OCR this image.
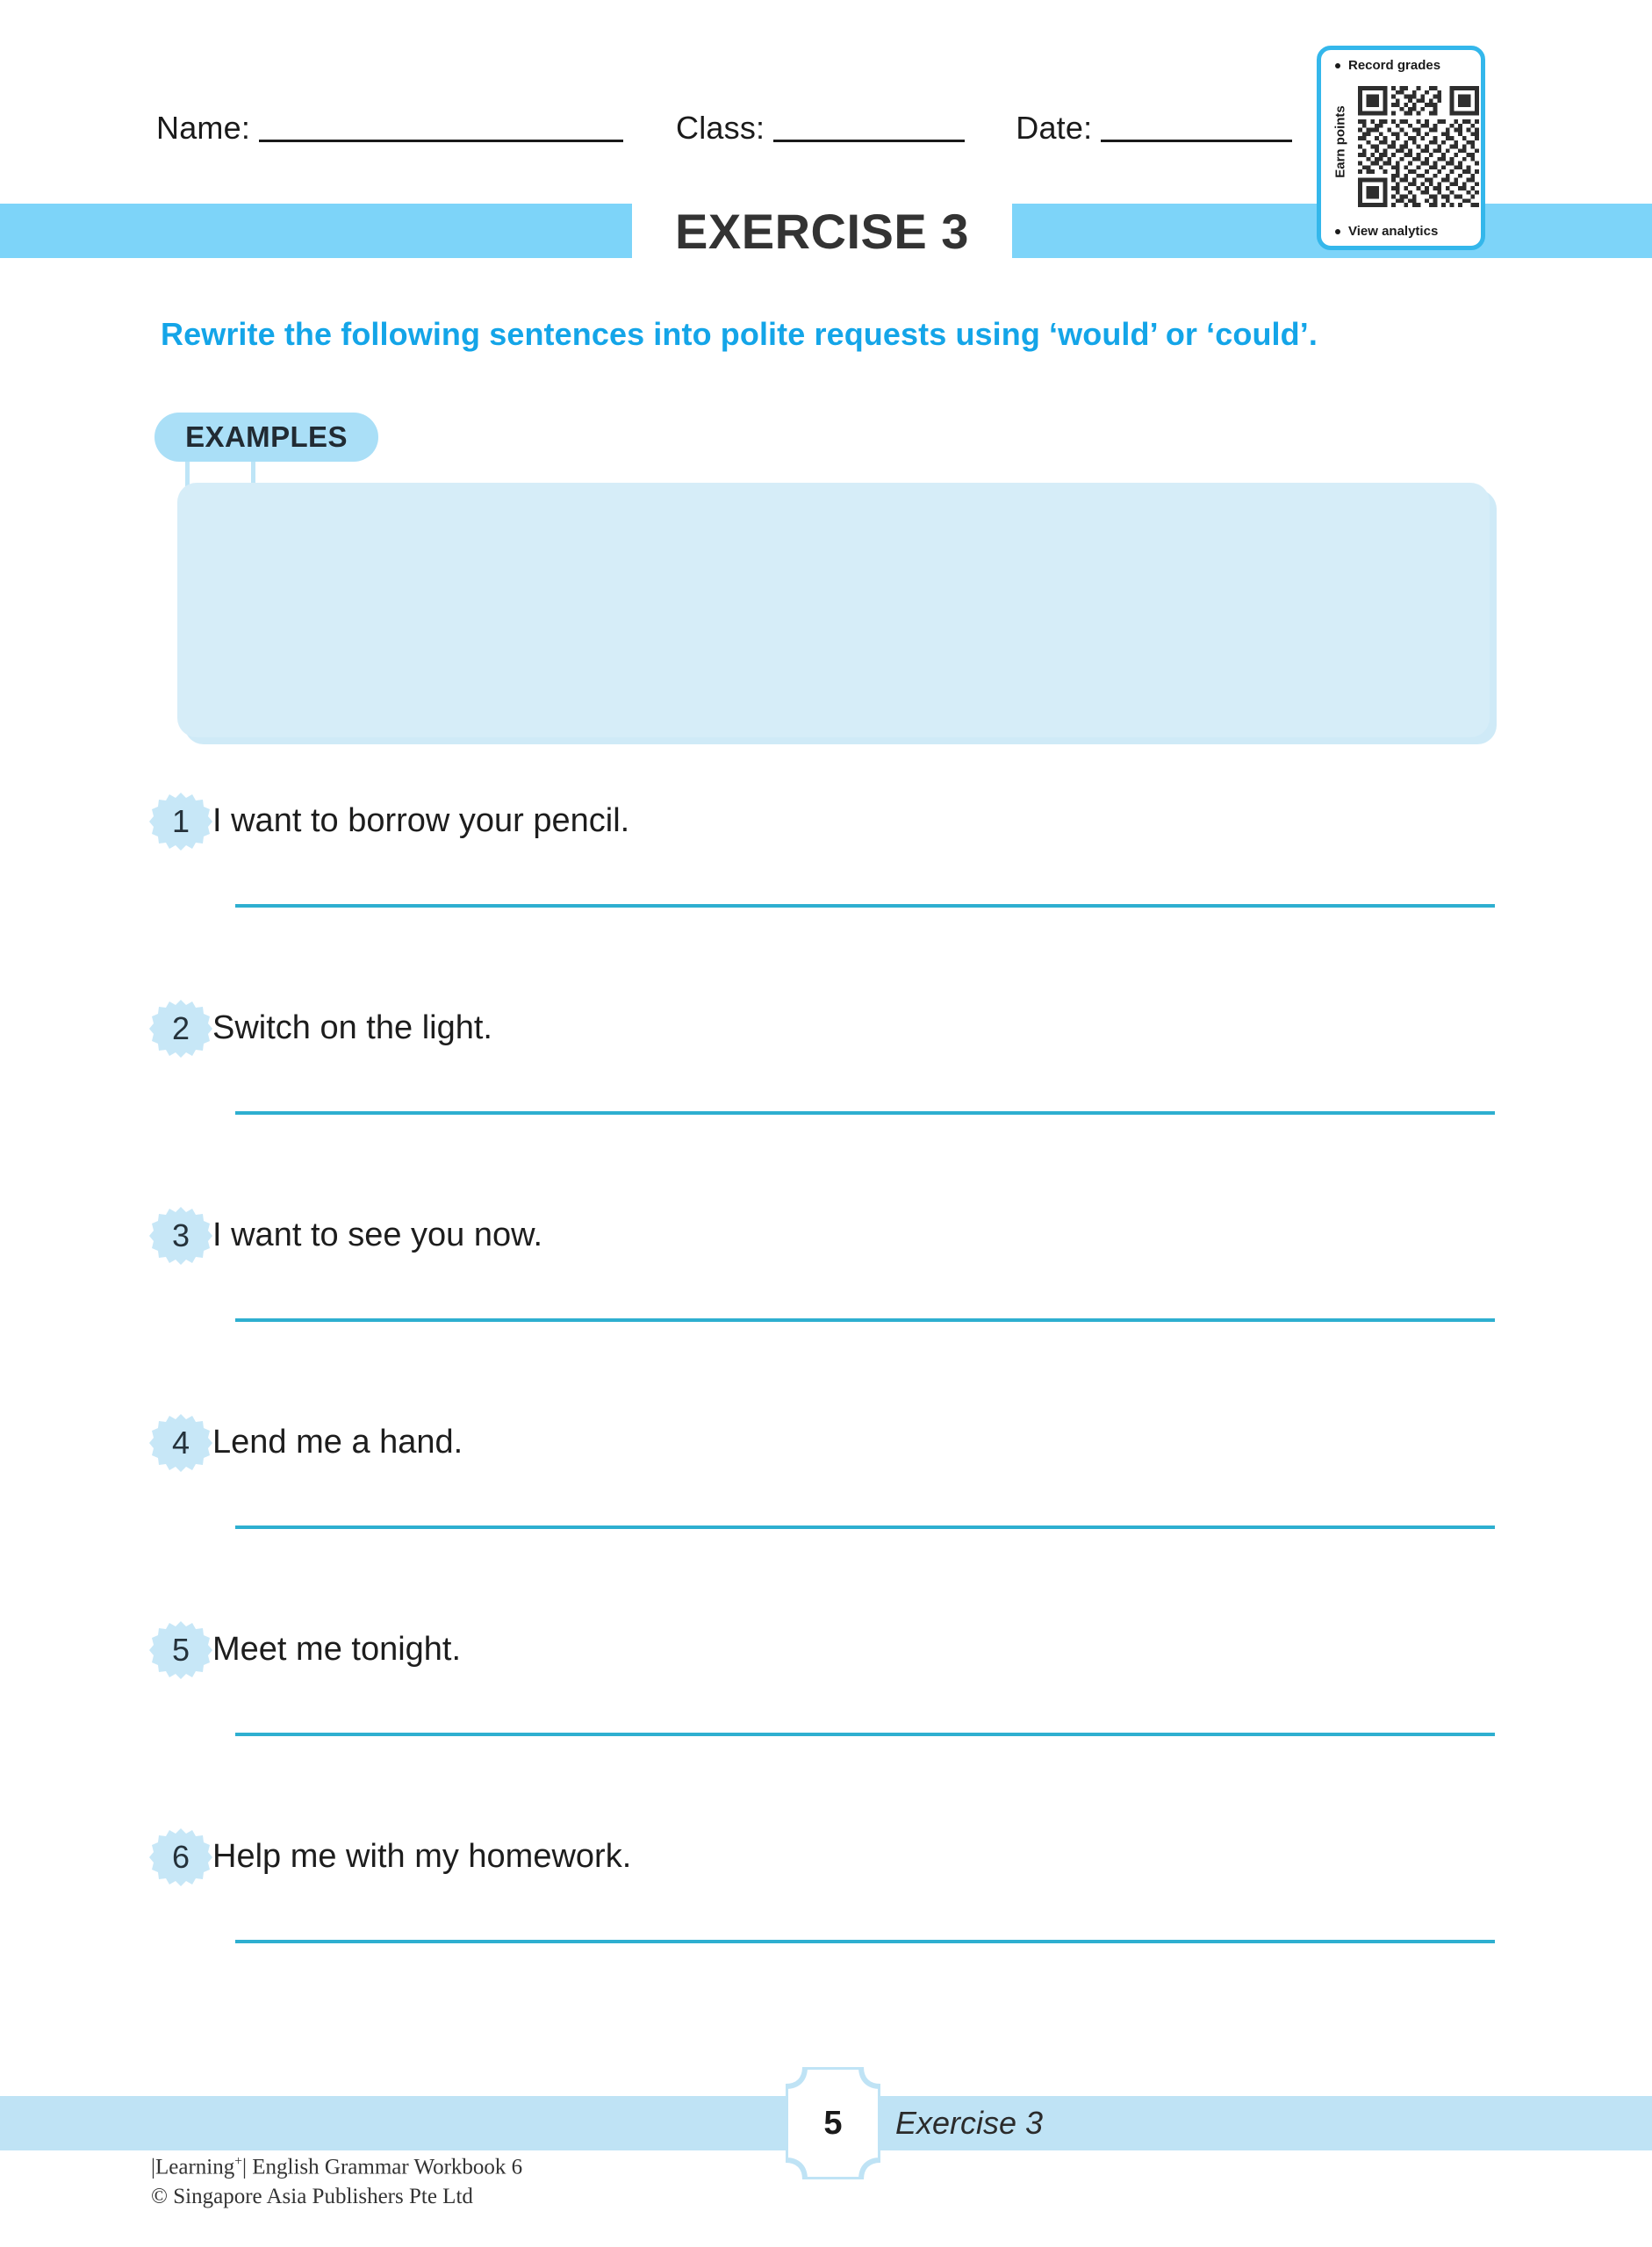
Name:	Class:	Date:
Record grades
Earn points
View analytics
EXERCISE 3
Rewrite the following sentences into polite requests using ‘would’ or ‘could’.
EXAMPLES
1 I want to borrow your pencil.
2 Switch on the light.
3 I want to see you now.
4 Lend me a hand.
5 Meet me tonight.
6 Help me with my homework.
5	Exercise 3
|Learning+| English Grammar Workbook 6
© Singapore Asia Publishers Pte Ltd
